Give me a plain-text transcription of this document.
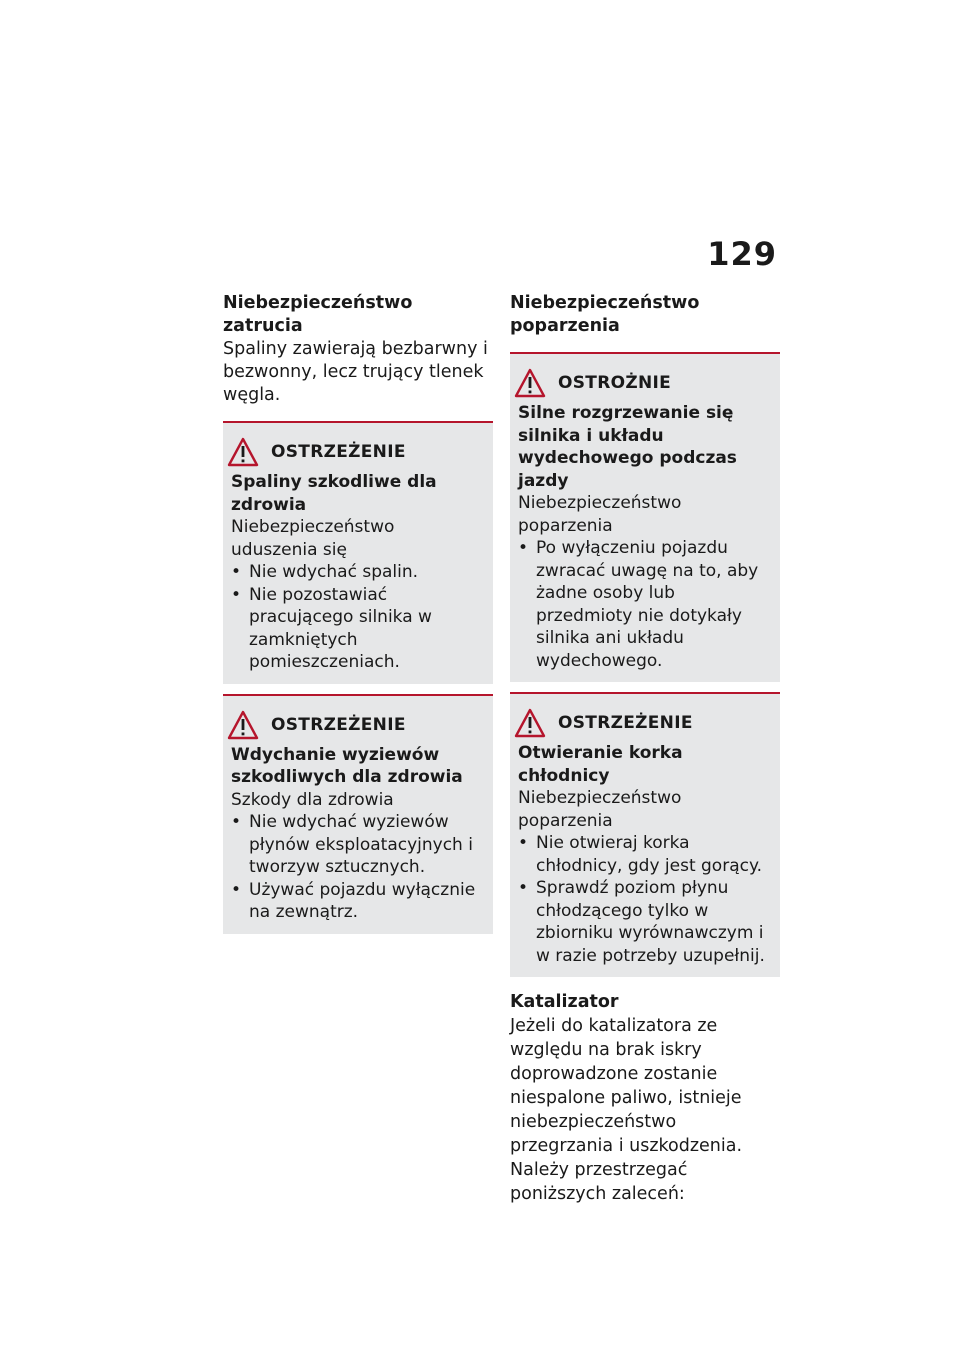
129
Niebezpieczeństwo zatrucia
Spaliny zawierają bezbarwny i bezwonny, lecz trujący tlenek węgla.
OSTRZEŻENIE
Spaliny szkodliwe dla zdrowia
Niebezpieczeństwo uduszenia się
• Nie wdychać spalin.
• Nie pozostawiać pracującego silnika w zamkniętych pomieszczeniach.
OSTRZEŻENIE
Wdychanie wyziewów szkodliwych dla zdrowia
Szkody dla zdrowia
• Nie wdychać wyziewów płynów eksploatacyjnych i tworzyw sztucznych.
• Używać pojazdu wyłącznie na zewnątrz.
Niebezpieczeństwo poparzenia
OSTROŻNIE
Silne rozgrzewanie się silnika i układu wydechowego podczas jazdy
Niebezpieczeństwo poparzenia
• Po wyłączeniu pojazdu zwracać uwagę na to, aby żadne osoby lub przedmioty nie dotykały silnika ani układu wydechowego.
OSTRZEŻENIE
Otwieranie korka chłodnicy
Niebezpieczeństwo poparzenia
• Nie otwieraj korka chłodnicy, gdy jest gorący.
• Sprawdź poziom płynu chłodzącego tylko w zbiorniku wyrównawczym i w razie potrzeby uzupełnij.
Katalizator
Jeżeli do katalizatora ze względu na brak iskry doprowadzone zostanie niespalone paliwo, istnieje niebezpieczeństwo przegrzania i uszkodzenia.
Należy przestrzegać poniższych zaleceń:
